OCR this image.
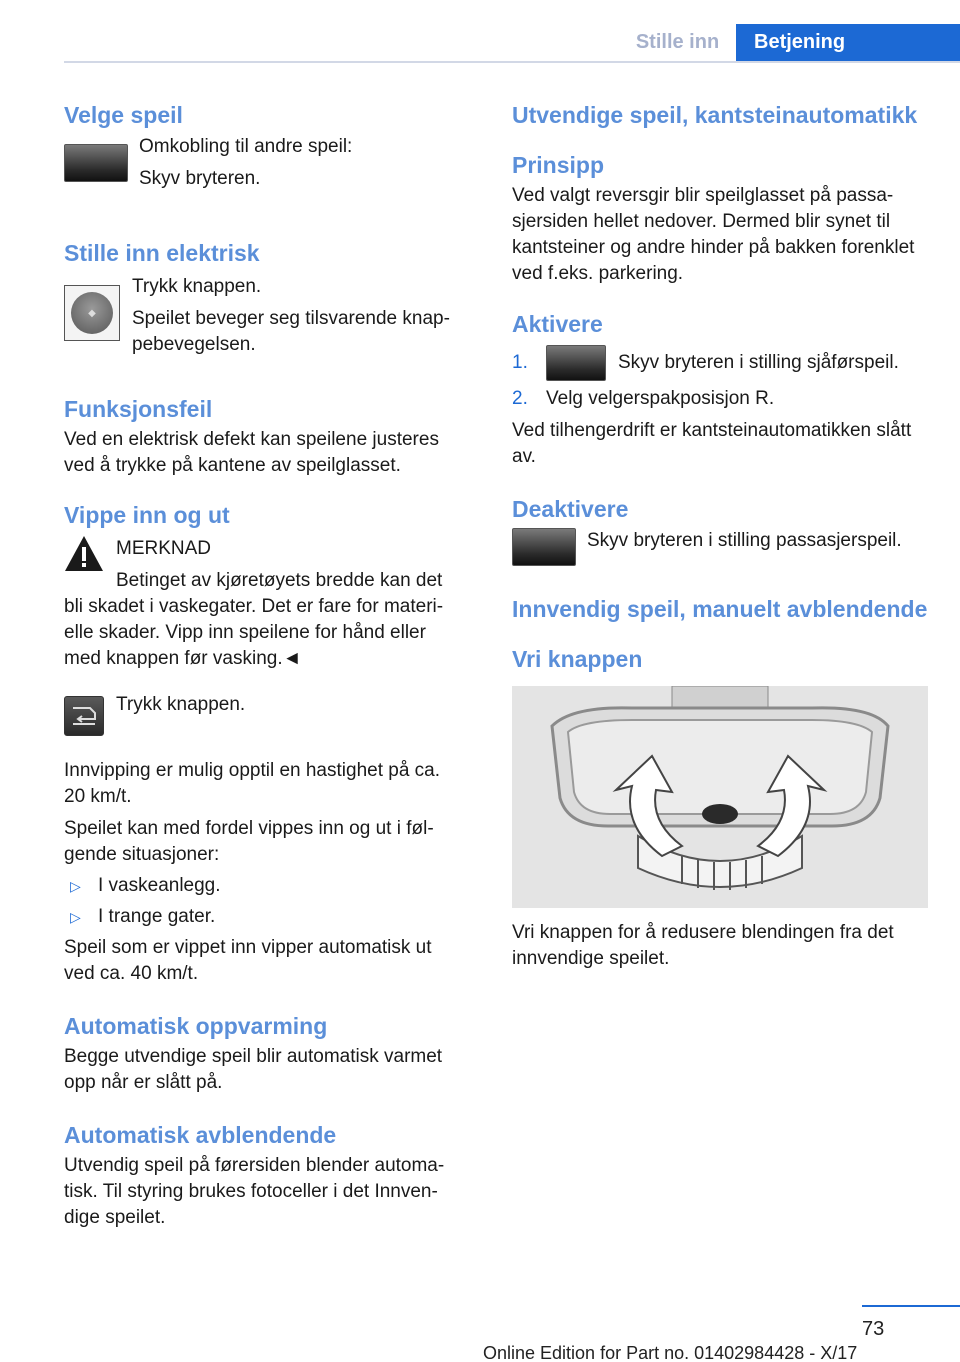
Stille inn	Betjening
Velge speil

Omkobling til andre speil:

Skyv bryteren.

Stille inn elektrisk
◆

Trykk knappen.

Speilet beveger seg tilsvarende knappebevegelsen.

Funksjonsfeil

Ved en elektrisk defekt kan speilene justeres ved å trykke på kantene av speilglasset.

Vippe inn og ut

MERKNAD

Betinget av kjøretøyets bredde kan det bli skadet i vaskegater. Det er fare for materielle skader. Vipp inn speilene for hånd eller med knappen før vasking.◄

Trykk knappen.

Innvipping er mulig opptil en hastighet på ca. 20 km/t.

Speilet kan med fordel vippes inn og ut i følgende situasjoner:

▷ I vaskeanlegg.
▷ I trange gater.

Speil som er vippet inn vipper automatisk ut ved ca. 40 km/t.

Automatisk oppvarming

Begge utvendige speil blir automatisk varmet opp når er slått på.

Automatisk avblendende

Utvendig speil på førersiden blender automatisk. Til styring brukes fotoceller i det Innvendige speilet.

Utvendige speil, kantsteinautomatikk
Prinsipp

Ved valgt reversgir blir speilglasset på passasjersiden hellet nedover. Dermed blir synet til kantsteiner og andre hinder på bakken forenklet ved f.eks. parkering.

Aktivere
1.	Skyv bryteren i stilling sjåførspeil.
2. Velg velgerspakposisjon R.

Ved tilhengerdrift er kantsteinautomatikken slått av.

Deaktivere

Skyv bryteren i stilling passasjerspeil.

Innvendig speil, manuelt avblendende
Vri knappen

Vri knappen for å redusere blendingen fra det innvendige speilet.

73
Online Edition for Part no. 01402984428 - X/17
